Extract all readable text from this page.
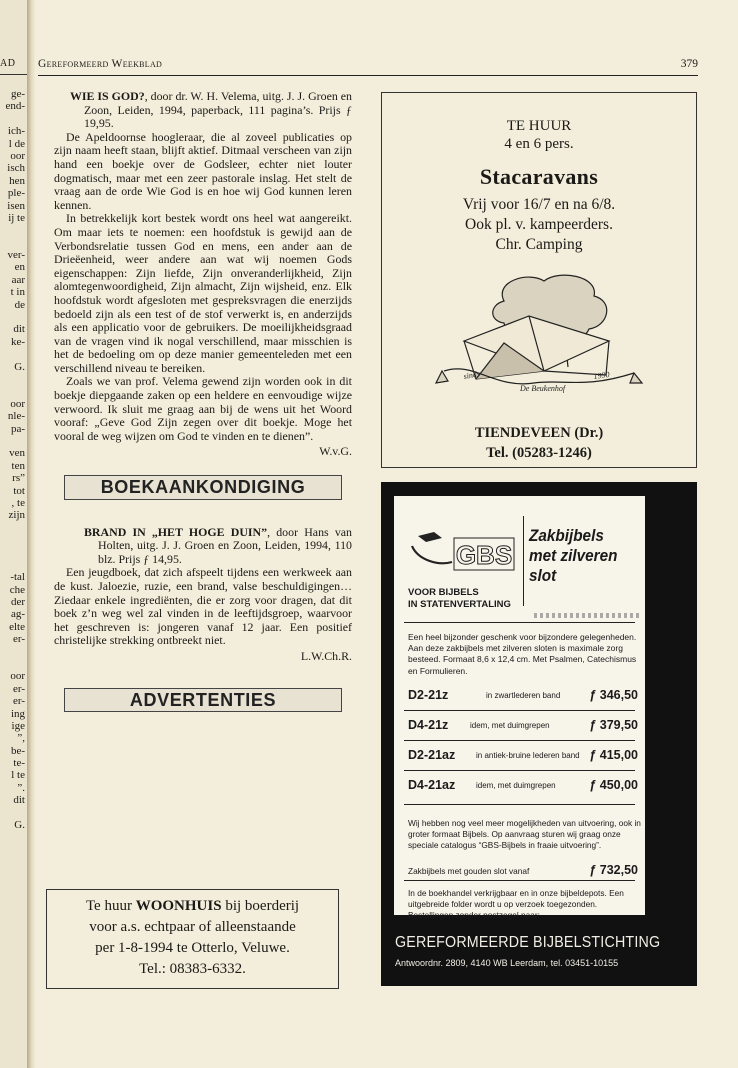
AD
ge-
end-
ich-
l de
oor
isch
hen
ple-
isen
ij te
ver-
en
aar
t in
de
dit
ke-
G.
oor
nle-
pa-
ven
ten
rs”
tot
, te
zijn
-tal
che
der
ag-
elte
er-
oor
er-
er-
ing
ige
”,
be-
te-
l te
”.
dit
G.
Gereformeerd Weekblad	379

WIE IS GOD?, door dr. W. H. Velema, uitg. J. J. Groen en Zoon, Leiden, 1994, paperback, 111 pagina’s. Prijs ƒ 19,95.

De Apeldoornse hoogleraar, die al zoveel publicaties op zijn naam heeft staan, blijft aktief. Ditmaal verscheen van zijn hand een boekje over de Godsleer, echter niet louter dogmatisch, maar met een zeer pastorale inslag. Het stelt de vraag aan de orde Wie God is en hoe wij God kunnen leren kennen.

In betrekkelijk kort bestek wordt ons heel wat aangereikt. Om maar iets te noemen: een hoofdstuk is gewijd aan de Verbondsrelatie tussen God en mens, een ander aan de Drieëenheid, weer andere aan wat wij noemen Gods eigenschappen: Zijn liefde, Zijn onveranderlijkheid, Zijn alomtegenwoordigheid, Zijn almacht, Zijn wijsheid, enz. Elk hoofdstuk wordt afgesloten met gespreksvragen die enerzijds bedoeld zijn als een test of de stof verwerkt is, en anderzijds als een applicatio voor de gebruikers. De moeilijkheidsgraad van de vragen vind ik nogal verschillend, maar misschien is het de bedoeling om op deze manier gemeenteleden met een verschillend niveau te bereiken.

Zoals we van prof. Velema gewend zijn worden ook in dit boekje diepgaande zaken op een heldere en eenvoudige wijze verwoord. Ik sluit me graag aan bij de wens uit het Woord vooraf: „Geve God Zijn zegen over dit boekje. Moge het vooral de weg wijzen om God te vinden en te dienen”.

W.v.G.
BOEKAANKONDIGING

BRAND IN „HET HOGE DUIN”, door Hans van Holten, uitg. J. J. Groen en Zoon, Leiden, 1994, 110 blz. Prijs ƒ 14,95.

Een jeugdboek, dat zich afspeelt tijdens een werkweek aan de kust. Jaloezie, ruzie, een brand, valse beschuldigingen… Ziedaar enkele ingrediënten, die er zorg voor dragen, dat dit boek z’n weg wel zal vinden in de leeftijdsgroep, waarvoor het geschreven is: jongeren vanaf 12 jaar. Een positief christelijke strekking ontbreekt niet.

L.W.Ch.R.
ADVERTENTIES
Te huur WOONHUIS bij boerderij
voor a.s. echtpaar of alleenstaande
per 1-8-1994 te Otterlo, Veluwe.
Tel.: 08383-6332.
TE HUUR
4 en 6 pers.
Stacaravans
Vrij voor 16/7 en na 6/8.
Ook pl. v. kampeerders.
Chr. Camping
sinds
De Beukenhof
1990
TIENDEVEEN (Dr.)
Tel. (05283-1246)
GBS
Zakbijbels
met zilveren
slot
VOOR BIJBELS
IN STATENVERTALING
Een heel bijzonder geschenk voor bijzondere gelegenheden. Aan deze zakbijbels met zilveren sloten is maximale zorg besteed. Formaat 8,6 x 12,4 cm. Met Psalmen, Catechismus en Formulieren.
D2-21z	in zwartlederen band ƒ 346,50
D4-21z	idem, met duimgrepen	ƒ 379,50
D2-21az	in antiek-bruine lederen band ƒ 415,00
D4-21az	idem, met duimgrepen	ƒ 450,00
Wij hebben nog veel meer mogelijkheden van uitvoering, ook in groter formaat Bijbels. Op aanvraag sturen wij graag onze speciale catalogus “GBS-Bijbels in fraaie uitvoering”.
Zakbijbels met gouden slot vanaf	ƒ 732,50
In de boekhandel verkrijgbaar en in onze bijbeldepots. Een uitgebreide folder wordt u op verzoek toegezonden. Bestellingen zonder postzegel naar:
GEREFORMEERDE BIJBELSTICHTING
Antwoordnr. 2809, 4140 WB Leerdam, tel. 03451-10155
